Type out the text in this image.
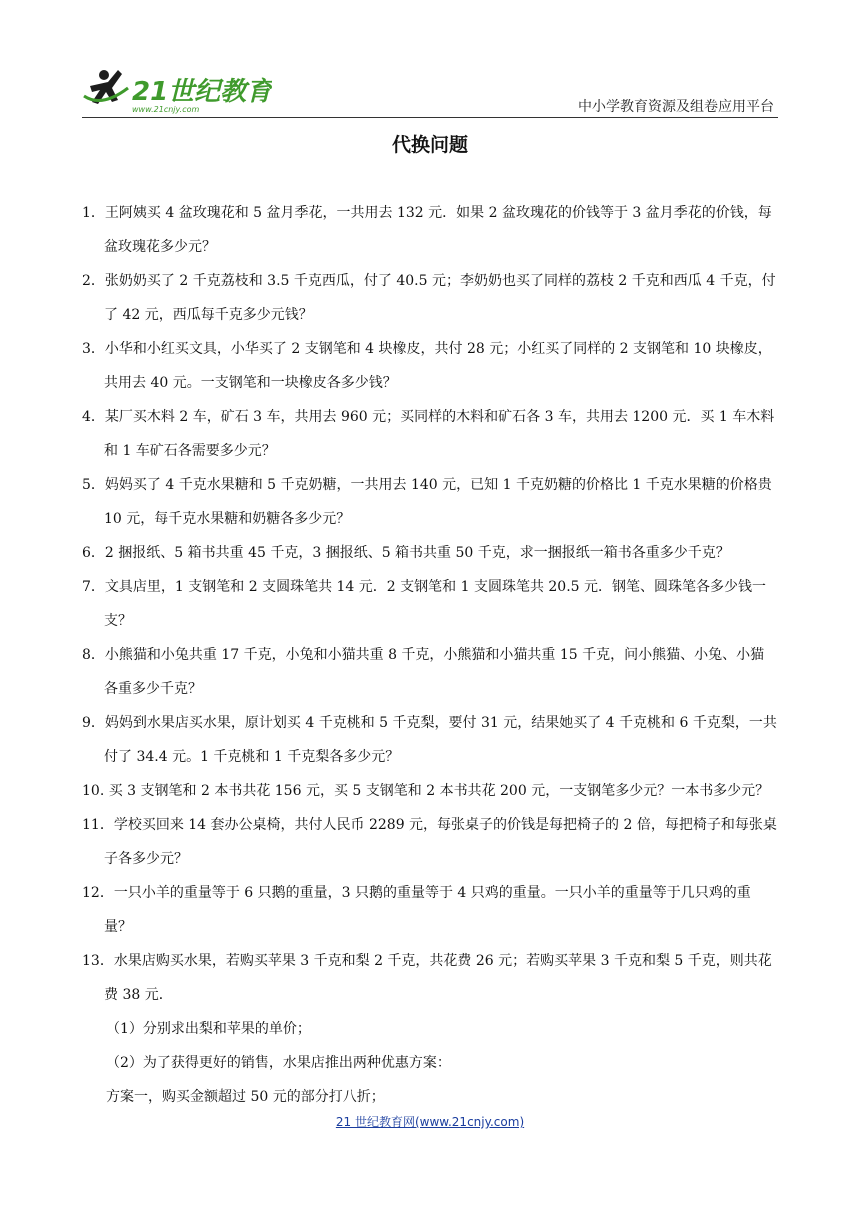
21世纪教育
www.21cnjy.com	中小学教育资源及组卷应用平台
代换问题
1．王阿姨买 4 盆玫瑰花和 5 盆月季花，一共用去 132 元．如果 2 盆玫瑰花的价钱等于 3 盆月季花的价钱，每盆玫瑰花多少元？
2．张奶奶买了 2 千克荔枝和 3.5 千克西瓜，付了 40.5 元；李奶奶也买了同样的荔枝 2 千克和西瓜 4 千克，付了 42 元，西瓜每千克多少元钱？
3．小华和小红买文具，小华买了 2 支钢笔和 4 块橡皮，共付 28 元；小红买了同样的 2 支钢笔和 10 块橡皮，共用去 40 元。一支钢笔和一块橡皮各多少钱？
4．某厂买木料 2 车，矿石 3 车，共用去 960 元；买同样的木料和矿石各 3 车，共用去 1200 元．买 1 车木料和 1 车矿石各需要多少元？
5．妈妈买了 4 千克水果糖和 5 千克奶糖，一共用去 140 元，已知 1 千克奶糖的价格比 1 千克水果糖的价格贵 10 元，每千克水果糖和奶糖各多少元？
6．2 捆报纸、5 箱书共重 45 千克，3 捆报纸、5 箱书共重 50 千克，求一捆报纸一箱书各重多少千克？
7．文具店里，1 支钢笔和 2 支圆珠笔共 14 元．2 支钢笔和 1 支圆珠笔共 20.5 元．钢笔、圆珠笔各多少钱一支？
8．小熊猫和小兔共重 17 千克，小兔和小猫共重 8 千克，小熊猫和小猫共重 15 千克，问小熊猫、小兔、小猫各重多少千克？
9．妈妈到水果店买水果，原计划买 4 千克桃和 5 千克梨，要付 31 元，结果她买了 4 千克桃和 6 千克梨，一共付了 34.4 元。1 千克桃和 1 千克梨各多少元？
10. 买 3 支钢笔和 2 本书共花 156 元，买 5 支钢笔和 2 本书共花 200 元，一支钢笔多少元？一本书多少元？
11．学校买回来 14 套办公桌椅，共付人民币 2289 元，每张桌子的价钱是每把椅子的 2 倍，每把椅子和每张桌子各多少元？
12．一只小羊的重量等于 6 只鹅的重量，3 只鹅的重量等于 4 只鸡的重量。一只小羊的重量等于几只鸡的重量？
13．水果店购买水果，若购买苹果 3 千克和梨 2 千克，共花费 26 元；若购买苹果 3 千克和梨 5 千克，则共花费 38 元．
（1）分别求出梨和苹果的单价；
（2）为了获得更好的销售，水果店推出两种优惠方案：
方案一，购买金额超过 50 元的部分打八折；
21 世纪教育网(www.21cnjy.com)
